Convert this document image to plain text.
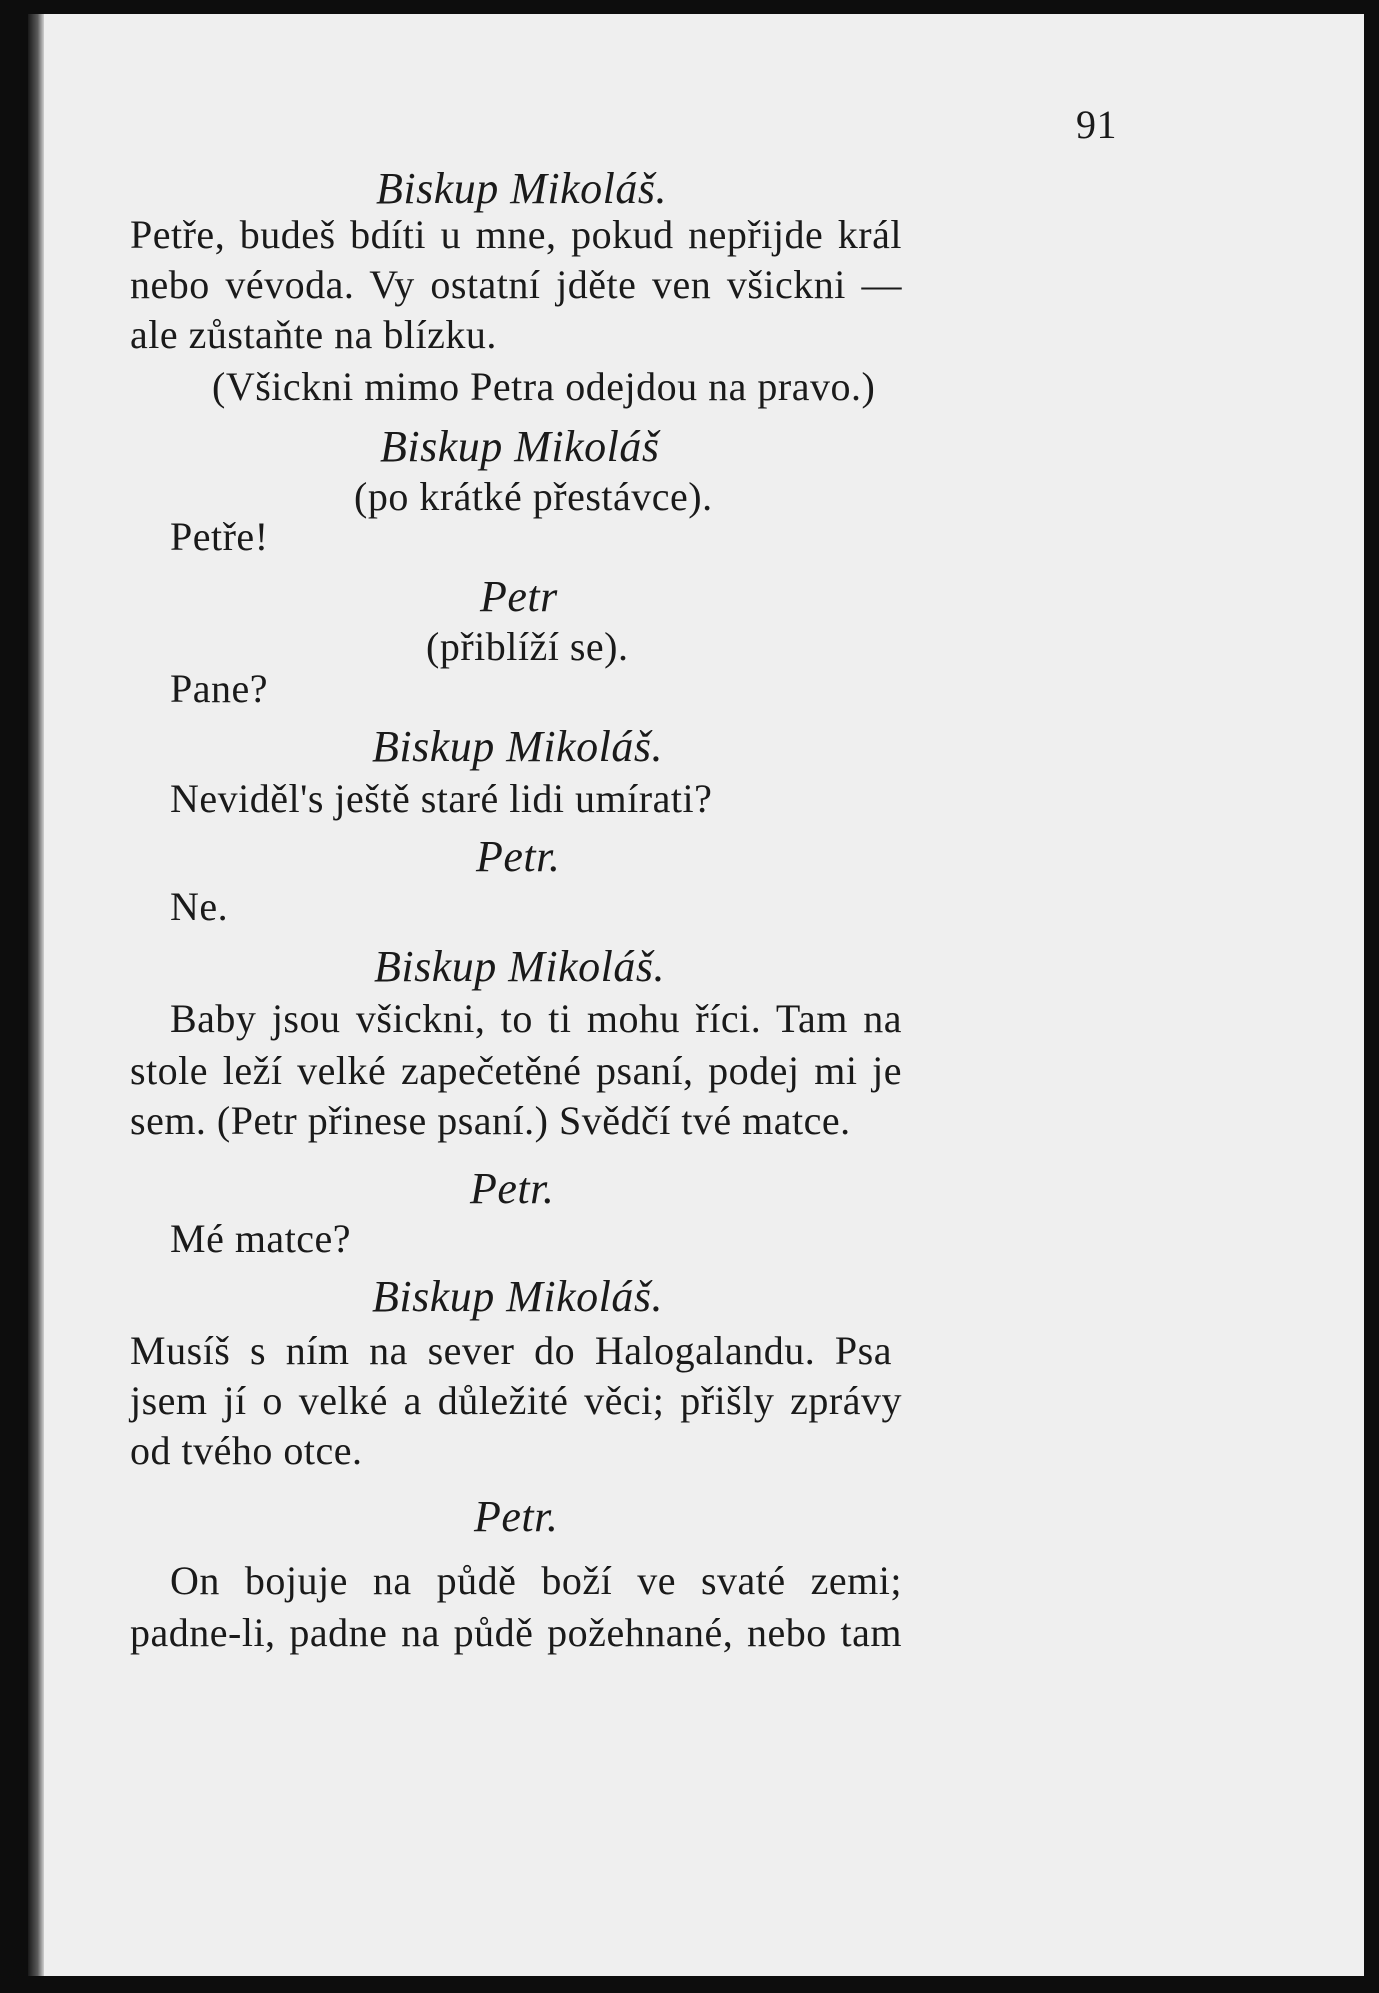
91
Biskup Mikoláš.
Petře, budeš bdíti u mne, pokud nepřijde král
nebo vévoda. Vy ostatní jděte ven všickni —
ale zůstaňte na blízku.
(Všickni mimo Petra odejdou na pravo.)
Biskup Mikoláš
(po krátké přestávce).
Petře!
Petr
(přiblíží se).
Pane?
Biskup Mikoláš.
Neviděl's ještě staré lidi umírati?
Petr.
Ne.
Biskup Mikoláš.
Baby jsou všickni, to ti mohu říci. Tam na
stole leží velké zapečetěné psaní, podej mi je
sem. (Petr přinese psaní.) Svědčí tvé matce.
Petr.
Mé matce?
Biskup Mikoláš.
Musíš s ním na sever do Halogalandu. Psa
jsem jí o velké a důležité věci; přišly zprávy
od tvého otce.
Petr.
On bojuje na půdě boží ve svaté zemi;
padne-li, padne na půdě požehnané, nebo tam
